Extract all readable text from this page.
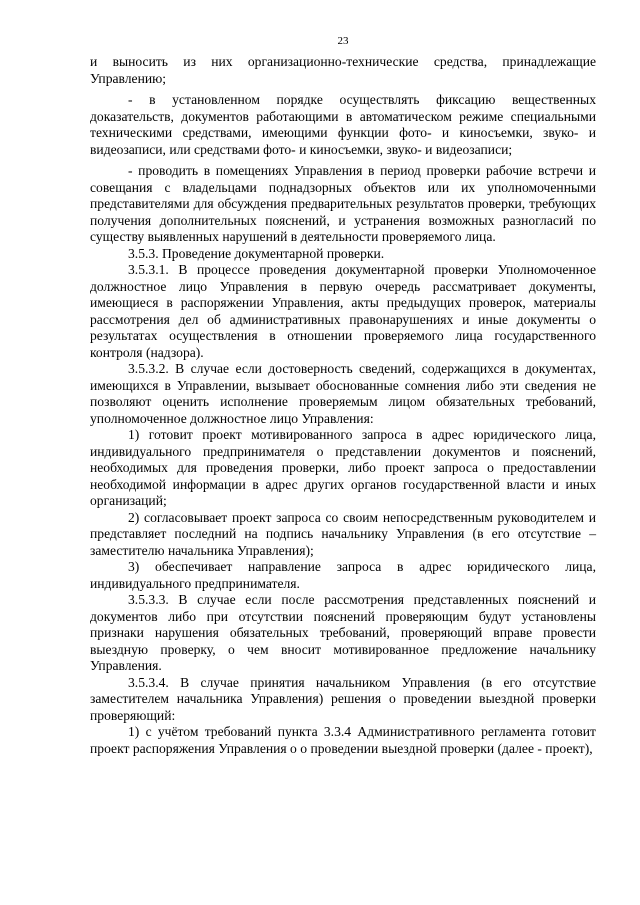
23

и выносить из них организационно-технические средства, принадлежащие Управлению;

- в установленном порядке осуществлять фиксацию вещественных доказательств, документов работающими в автоматическом режиме специальными техническими средствами, имеющими функции фото- и киносъемки, звуко- и видеозаписи, или средствами фото- и киносъемки, звуко- и видеозаписи;

- проводить в помещениях Управления в период проверки рабочие встречи и совещания с владельцами поднадзорных объектов или их уполномоченными представителями для обсуждения предварительных результатов проверки, требующих получения дополнительных пояснений, и устранения возможных разногласий по существу выявленных нарушений в деятельности проверяемого лица.

3.5.3. Проведение документарной проверки.

3.5.3.1. В процессе проведения документарной проверки Уполномоченное должностное лицо Управления в первую очередь рассматривает документы, имеющиеся в распоряжении Управления, акты предыдущих проверок, материалы рассмотрения дел об административных правонарушениях и иные документы о результатах осуществления в отношении проверяемого лица государственного контроля (надзора).

3.5.3.2. В случае если достоверность сведений, содержащихся в документах, имеющихся в Управлении, вызывает обоснованные сомнения либо эти сведения не позволяют оценить исполнение проверяемым лицом обязательных требований, уполномоченное должностное лицо Управления:

1) готовит проект мотивированного запроса в адрес юридического лица, индивидуального предпринимателя о представлении документов и пояснений, необходимых для проведения проверки, либо проект запроса о предоставлении необходимой информации в адрес других органов государственной власти и иных организаций;

2) согласовывает проект запроса со своим непосредственным руководителем и представляет последний на подпись начальнику Управления (в его отсутствие – заместителю начальника Управления);

3) обеспечивает направление запроса в адрес юридического лица, индивидуального предпринимателя.

3.5.3.3. В случае если после рассмотрения представленных пояснений и документов либо при отсутствии пояснений проверяющим будут установлены признаки нарушения обязательных требований, проверяющий вправе провести выездную проверку, о чем вносит мотивированное предложение начальнику Управления.

3.5.3.4. В случае принятия начальником Управления (в его отсутствие заместителем начальника Управления) решения о проведении выездной проверки проверяющий:

1) с учётом требований пункта 3.3.4 Административного регламента готовит проект распоряжения Управления о о проведении выездной проверки (далее - проект),
